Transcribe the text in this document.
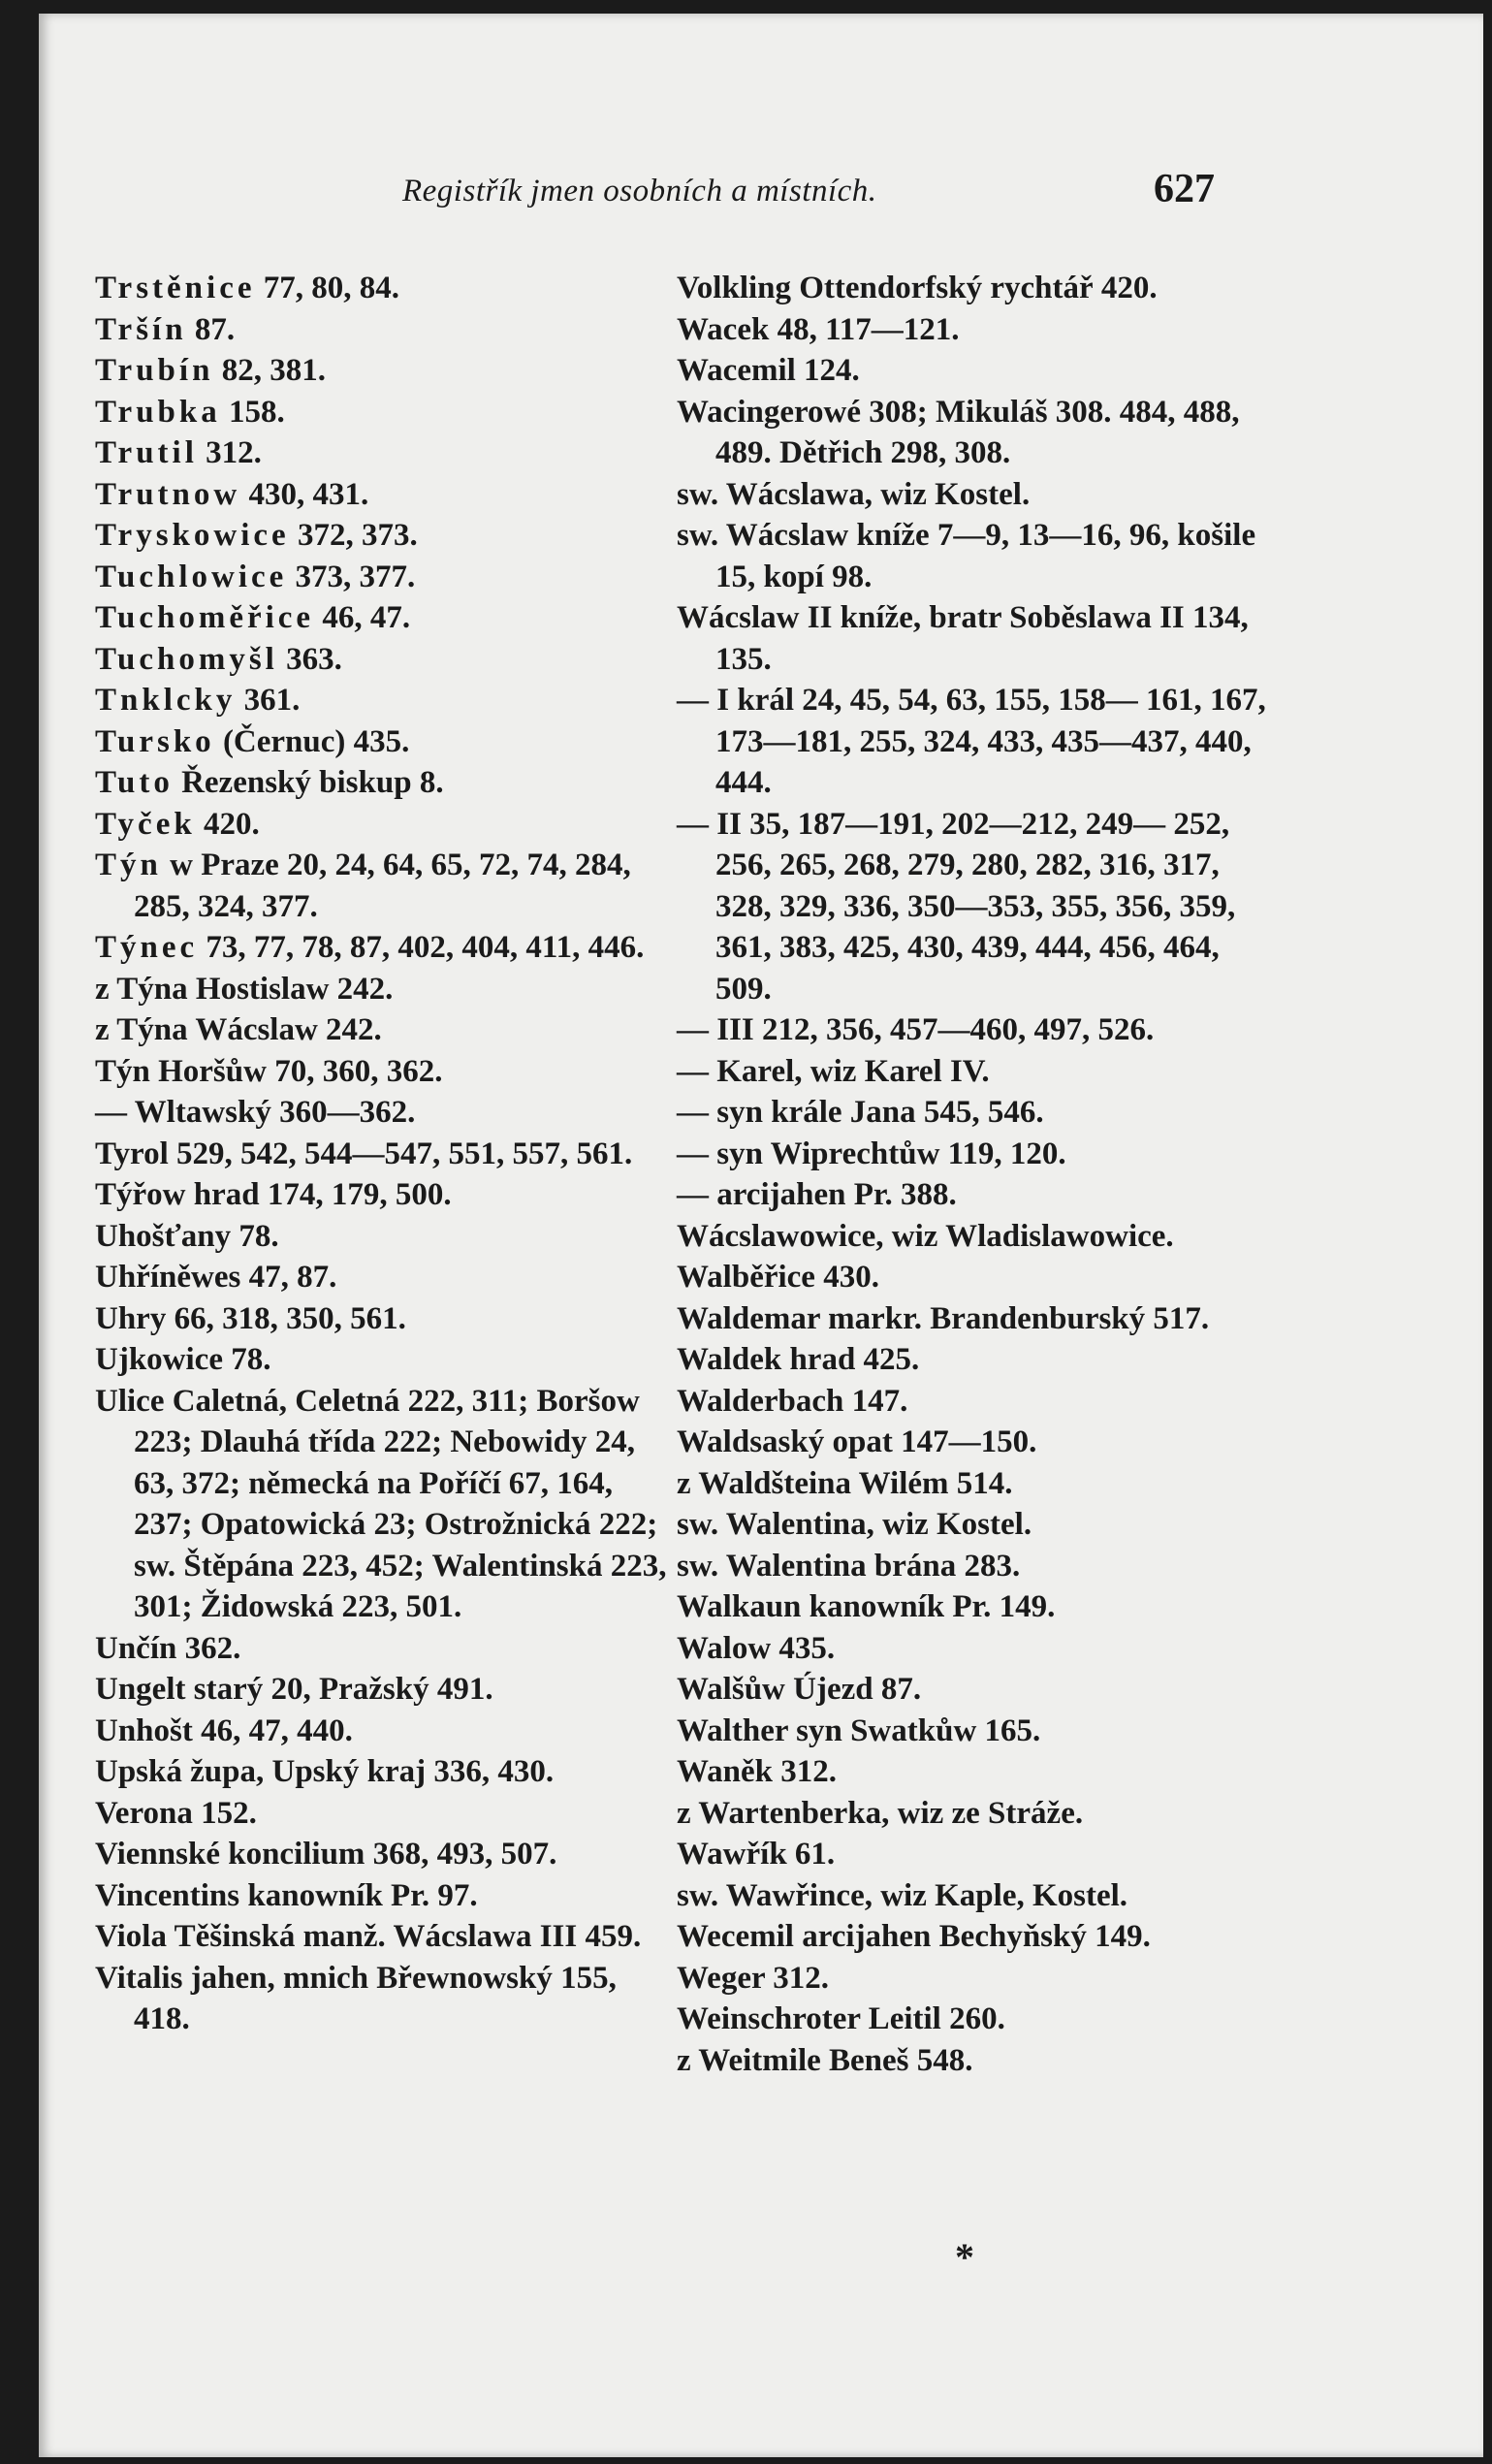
Registřík jmen osobních a místních.	627
Trstěnice 77, 80, 84.
Tršín 87.
Trubín 82, 381.
Trubka 158.
Trutil 312.
Trutnow 430, 431.
Tryskowice 372, 373.
Tuchlowice 373, 377.
Tuchoměřice 46, 47.
Tuchomyšl 363.
Tnklcky 361.
Tursko (Černuc) 435.
Tuto Řezenský biskup 8.
Tyček 420.
Týn w Praze 20, 24, 64, 65, 72, 74, 284, 285, 324, 377.
Týnec 73, 77, 78, 87, 402, 404, 411, 446.
z Týna Hostislaw 242.
z Týna Wácslaw 242.
Týn Horšůw 70, 360, 362.
— Wltawský 360—362.
Tyrol 529, 542, 544—547, 551, 557, 561.
Týřow hrad 174, 179, 500.
Uhošťany 78.
Uhříněwes 47, 87.
Uhry 66, 318, 350, 561.
Ujkowice 78.
Ulice Caletná, Celetná 222, 311; Boršow 223; Dlauhá třída 222; Nebowidy 24, 63, 372; německá na Poříčí 67, 164, 237; Opatowická 23; Ostrožnická 222; sw. Štěpána 223, 452; Walentinská 223, 301; Židowská 223, 501.
Unčín 362.
Ungelt starý 20, Pražský 491.
Unhošt 46, 47, 440.
Upská župa, Upský kraj 336, 430.
Verona 152.
Viennské koncilium 368, 493, 507.
Vincentins kanowník Pr. 97.
Viola Těšinská manž. Wácslawa III 459.
Vitalis jahen, mnich Břewnowský 155, 418.
Volkling Ottendorfský rychtář 420.
Wacek 48, 117—121.
Wacemil 124.
Wacingerowé 308; Mikuláš 308. 484, 488, 489. Dětřich 298, 308.
sw. Wácslawa, wiz Kostel.
sw. Wácslaw kníže 7—9, 13—16, 96, košile 15, kopí 98.
Wácslaw II kníže, bratr Soběslawa II 134, 135.
— I král 24, 45, 54, 63, 155, 158— 161, 167, 173—181, 255, 324, 433, 435—437, 440, 444.
— II 35, 187—191, 202—212, 249— 252, 256, 265, 268, 279, 280, 282, 316, 317, 328, 329, 336, 350—353, 355, 356, 359, 361, 383, 425, 430, 439, 444, 456, 464, 509.
— III 212, 356, 457—460, 497, 526.
— Karel, wiz Karel IV.
— syn krále Jana 545, 546.
— syn Wiprechtůw 119, 120.
— arcijahen Pr. 388.
Wácslawowice, wiz Wladislawowice.
Walběřice 430.
Waldemar markr. Brandenburský 517.
Waldek hrad 425.
Walderbach 147.
Waldsaský opat 147—150.
z Waldšteina Wilém 514.
sw. Walentina, wiz Kostel.
sw. Walentina brána 283.
Walkaun kanowník Pr. 149.
Walow 435.
Walšůw Újezd 87.
Walther syn Swatkůw 165.
Waněk 312.
z Wartenberka, wiz ze Stráže.
Wawřík 61.
sw. Wawřince, wiz Kaple, Kostel.
Wecemil arcijahen Bechyňský 149.
Weger 312.
Weinschroter Leitil 260.
z Weitmile Beneš 548.
*
